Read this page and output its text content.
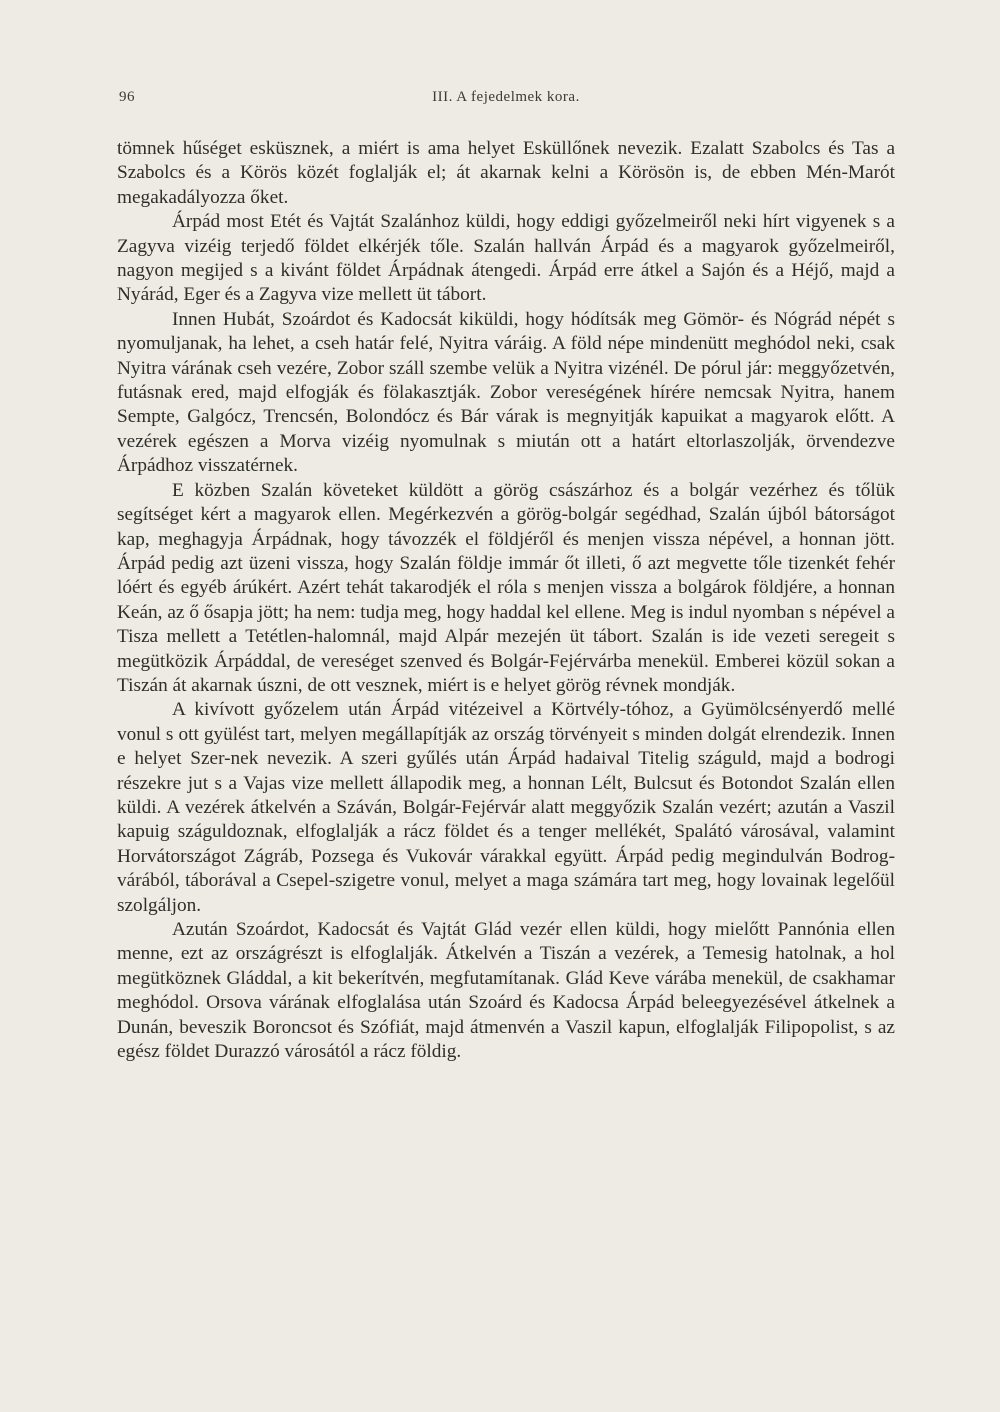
96	III. A fejedelmek kora.

tömnek hűséget esküsznek, a miért is ama helyet Esküllőnek nevezik. Ezalatt Szabolcs és Tas a Szabolcs és a Körös közét foglalják el; át akarnak kelni a Körösön is, de ebben Mén-Marót megakadályozza őket.

Árpád most Etét és Vajtát Szalánhoz küldi, hogy eddigi győzelmeiről neki hírt vigyenek s a Zagyva vizéig terjedő földet elkérjék tőle. Szalán hallván Árpád és a magyarok győzelmeiről, nagyon megijed s a kivánt földet Árpádnak átengedi. Árpád erre átkel a Sajón és a Héjő, majd a Nyárád, Eger és a Zagyva vize mellett üt tábort.

Innen Hubát, Szoárdot és Kadocsát kiküldi, hogy hódítsák meg Gömör- és Nógrád népét s nyomuljanak, ha lehet, a cseh határ felé, Nyitra váráig. A föld népe mindenütt meghódol neki, csak Nyitra várának cseh vezére, Zobor száll szembe velük a Nyitra vizénél. De pórul jár: meggyőzetvén, futásnak ered, majd elfogják és fölakasztják. Zobor vereségének hírére nemcsak Nyitra, hanem Sempte, Galgócz, Trencsén, Bolondócz és Bár várak is megnyitják kapuikat a magyarok előtt. A vezérek egészen a Morva vizéig nyomulnak s miután ott a határt eltorlaszolják, örvendezve Árpádhoz visszatérnek.

E közben Szalán követeket küldött a görög császárhoz és a bolgár vezérhez és tőlük segítséget kért a magyarok ellen. Megérkezvén a görög-bolgár segédhad, Szalán újból bátorságot kap, meghagyja Árpádnak, hogy távozzék el földjéről és menjen vissza népével, a honnan jött. Árpád pedig azt üzeni vissza, hogy Szalán földje immár őt illeti, ő azt megvette tőle tizenkét fehér lóért és egyéb árúkért. Azért tehát takarodjék el róla s menjen vissza a bolgárok földjére, a honnan Keán, az ő ősapja jött; ha nem: tudja meg, hogy haddal kel ellene. Meg is indul nyomban s népével a Tisza mellett a Tetétlen-halomnál, majd Alpár mezején üt tábort. Szalán is ide vezeti seregeit s megütközik Árpáddal, de vereséget szenved és Bolgár-Fejérvárba menekül. Emberei közül sokan a Tiszán át akarnak úszni, de ott vesznek, miért is e helyet görög révnek mondják.

A kivívott győzelem után Árpád vitézeivel a Körtvély-tóhoz, a Gyümölcsényerdő mellé vonul s ott gyülést tart, melyen megállapítják az ország törvényeit s minden dolgát elrendezik. Innen e helyet Szer-nek nevezik. A szeri gyűlés után Árpád hadaival Titelig száguld, majd a bodrogi részekre jut s a Vajas vize mellett állapodik meg, a honnan Lélt, Bulcsut és Botondot Szalán ellen küldi. A vezérek átkelvén a Száván, Bolgár-Fejérvár alatt meggyőzik Szalán vezért; azután a Vaszil kapuig száguldoznak, elfoglalják a rácz földet és a tenger mellékét, Spalátó városával, valamint Horvátországot Zágráb, Pozsega és Vukovár várakkal együtt. Árpád pedig megindulván Bodrog-várából, táborával a Csepel-szigetre vonul, melyet a maga számára tart meg, hogy lovainak legelőül szolgáljon.

Azután Szoárdot, Kadocsát és Vajtát Glád vezér ellen küldi, hogy mielőtt Pannónia ellen menne, ezt az országrészt is elfoglalják. Átkelvén a Tiszán a vezérek, a Temesig hatolnak, a hol megütköznek Gláddal, a kit bekerítvén, megfutamítanak. Glád Keve várába menekül, de csakhamar meghódol. Orsova várának elfoglalása után Szoárd és Kadocsa Árpád beleegyezésével átkelnek a Dunán, beveszik Boroncsot és Szófiát, majd átmenvén a Vaszil kapun, elfoglalják Filipopolist, s az egész földet Durazzó városától a rácz földig.
